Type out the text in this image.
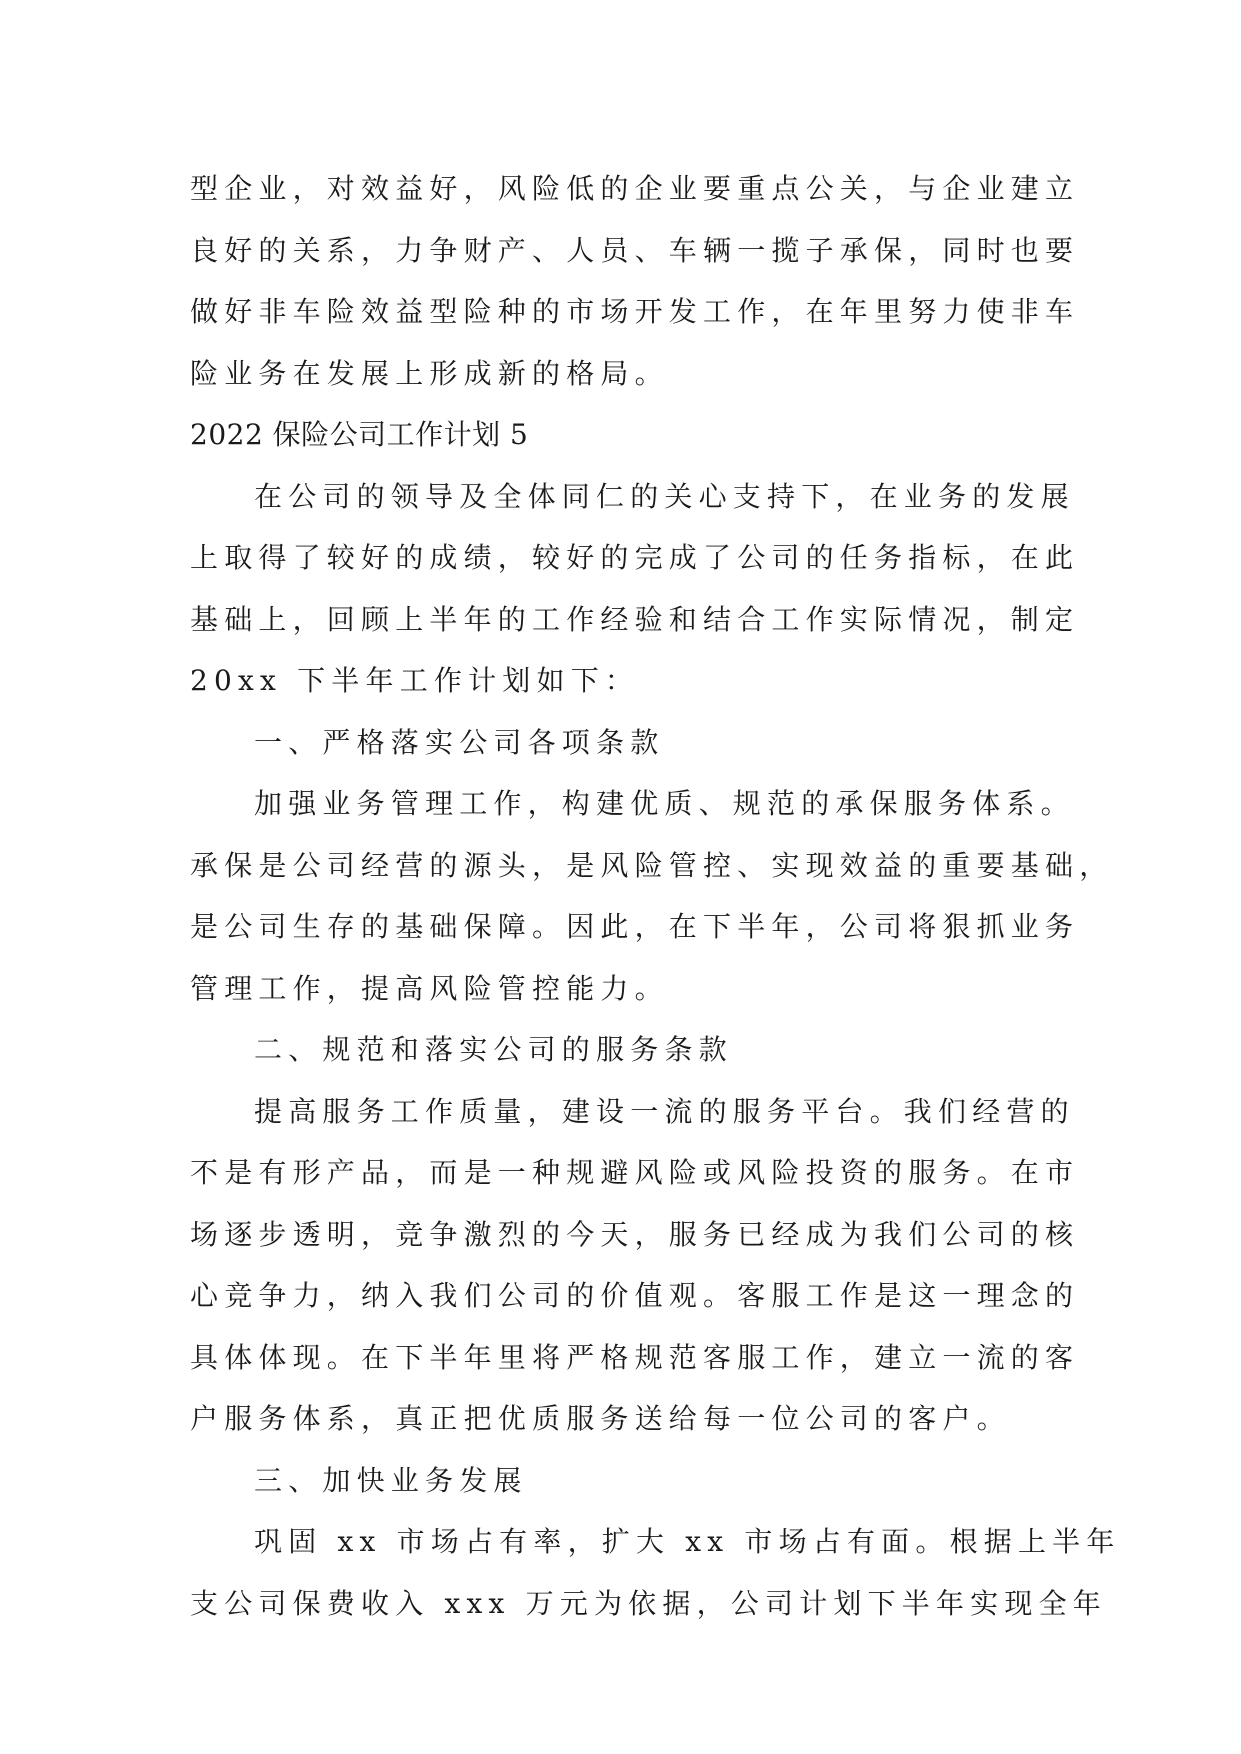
型企业，对效益好，风险低的企业要重点公关，与企业建立
良好的关系，力争财产、人员、车辆一揽子承保，同时也要
做好非车险效益型险种的市场开发工作，在年里努力使非车
险业务在发展上形成新的格局。
2022 保险公司工作计划 5
在公司的领导及全体同仁的关心支持下，在业务的发展
上取得了较好的成绩，较好的完成了公司的任务指标，在此
基础上，回顾上半年的工作经验和结合工作实际情况，制定
20xx 下半年工作计划如下：
一、严格落实公司各项条款
加强业务管理工作，构建优质、规范的承保服务体系。
承保是公司经营的源头，是风险管控、实现效益的重要基础，
是公司生存的基础保障。因此，在下半年，公司将狠抓业务
管理工作，提高风险管控能力。
二、规范和落实公司的服务条款
提高服务工作质量，建设一流的服务平台。我们经营的
不是有形产品，而是一种规避风险或风险投资的服务。在市
场逐步透明，竞争激烈的今天，服务已经成为我们公司的核
心竞争力，纳入我们公司的价值观。客服工作是这一理念的
具体体现。在下半年里将严格规范客服工作，建立一流的客
户服务体系，真正把优质服务送给每一位公司的客户。
三、加快业务发展
巩固 xx 市场占有率，扩大 xx 市场占有面。根据上半年
支公司保费收入 xxx 万元为依据，公司计划下半年实现全年
